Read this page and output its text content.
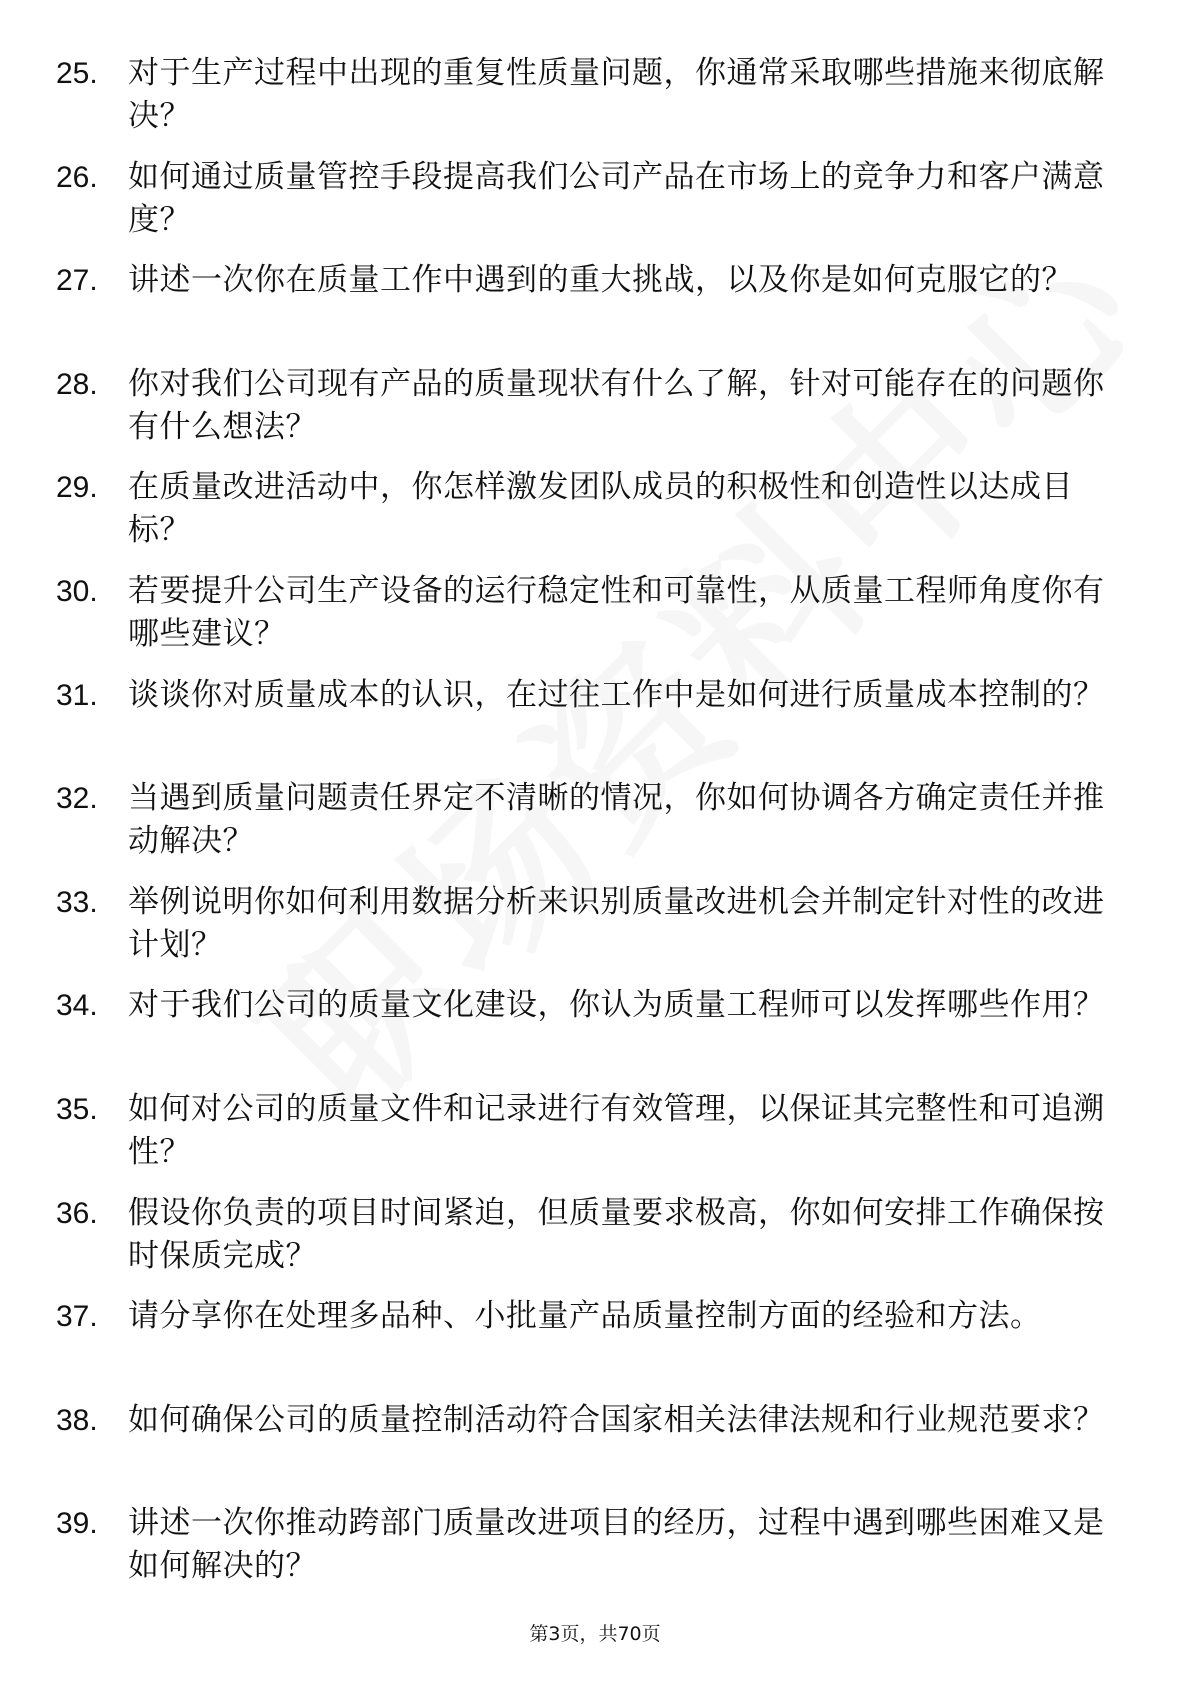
25. 对于生产过程中出现的重复性质量问题，你通常采取哪些措施来彻底解决？
26. 如何通过质量管控手段提高我们公司产品在市场上的竞争力和客户满意度？
27. 讲述一次你在质量工作中遇到的重大挑战，以及你是如何克服它的？
28. 你对我们公司现有产品的质量现状有什么了解，针对可能存在的问题你有什么想法？
29. 在质量改进活动中，你怎样激发团队成员的积极性和创造性以达成目标？
30. 若要提升公司生产设备的运行稳定性和可靠性，从质量工程师角度你有哪些建议？
31. 谈谈你对质量成本的认识，在过往工作中是如何进行质量成本控制的？
32. 当遇到质量问题责任界定不清晰的情况，你如何协调各方确定责任并推动解决？
33. 举例说明你如何利用数据分析来识别质量改进机会并制定针对性的改进计划？
34. 对于我们公司的质量文化建设，你认为质量工程师可以发挥哪些作用？
35. 如何对公司的质量文件和记录进行有效管理，以保证其完整性和可追溯性？
36. 假设你负责的项目时间紧迫，但质量要求极高，你如何安排工作确保按时保质完成？
37. 请分享你在处理多品种、小批量产品质量控制方面的经验和方法。
38. 如何确保公司的质量控制活动符合国家相关法律法规和行业规范要求？
39. 讲述一次你推动跨部门质量改进项目的经历，过程中遇到哪些困难又是如何解决的？
第3页，共70页
